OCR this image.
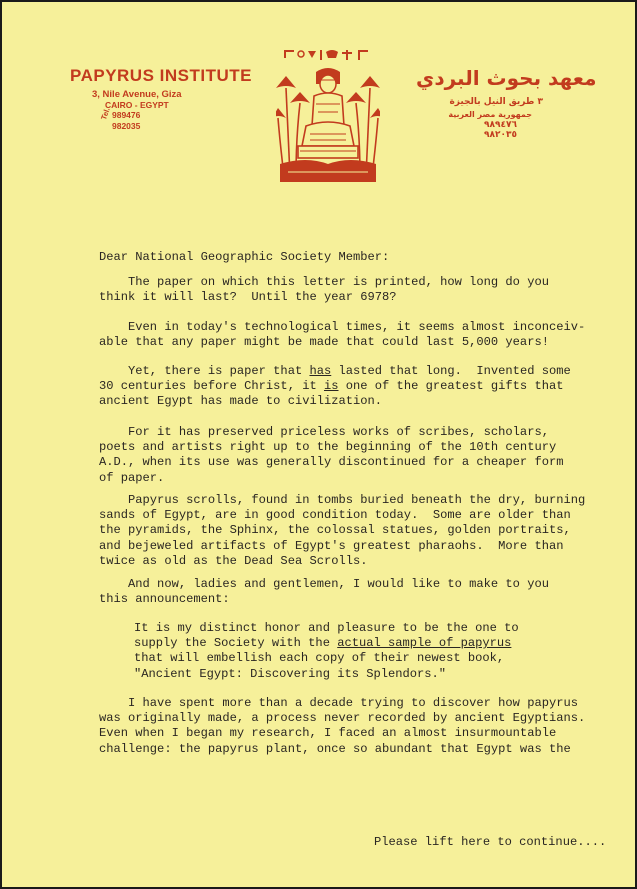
PAPYRUS INSTITUTE
3, Nile Avenue, Giza
CAIRO - EGYPT
Tel. 989476
982035
معهد بحوث البردي
٣ طريق النيل بالجيزة
جمهورية مصر العربية
٩٨٩٤٧٦
٩٨٢٠٣٥

Dear National Geographic Society Member:

The paper on which this letter is printed, how long do you
think it will last?  Until the year 6978?

Even in today's technological times, it seems almost inconceiv-
able that any paper might be made that could last 5,000 years!

Yet, there is paper that has lasted that long.  Invented some
30 centuries before Christ, it is one of the greatest gifts that
ancient Egypt has made to civilization.

For it has preserved priceless works of scribes, scholars,
poets and artists right up to the beginning of the 10th century
A.D., when its use was generally discontinued for a cheaper form
of paper.

Papyrus scrolls, found in tombs buried beneath the dry, burning
sands of Egypt, are in good condition today.  Some are older than
the pyramids, the Sphinx, the colossal statues, golden portraits,
and bejeweled artifacts of Egypt's greatest pharaohs.  More than
twice as old as the Dead Sea Scrolls.

And now, ladies and gentlemen, I would like to make to you
this announcement:

It is my distinct honor and pleasure to be the one to
supply the Society with the actual sample of papyrus
that will embellish each copy of their newest book,
"Ancient Egypt: Discovering its Splendors."

I have spent more than a decade trying to discover how papyrus
was originally made, a process never recorded by ancient Egyptians.
Even when I began my research, I faced an almost insurmountable
challenge: the papyrus plant, once so abundant that Egypt was the

Please lift here to continue....
